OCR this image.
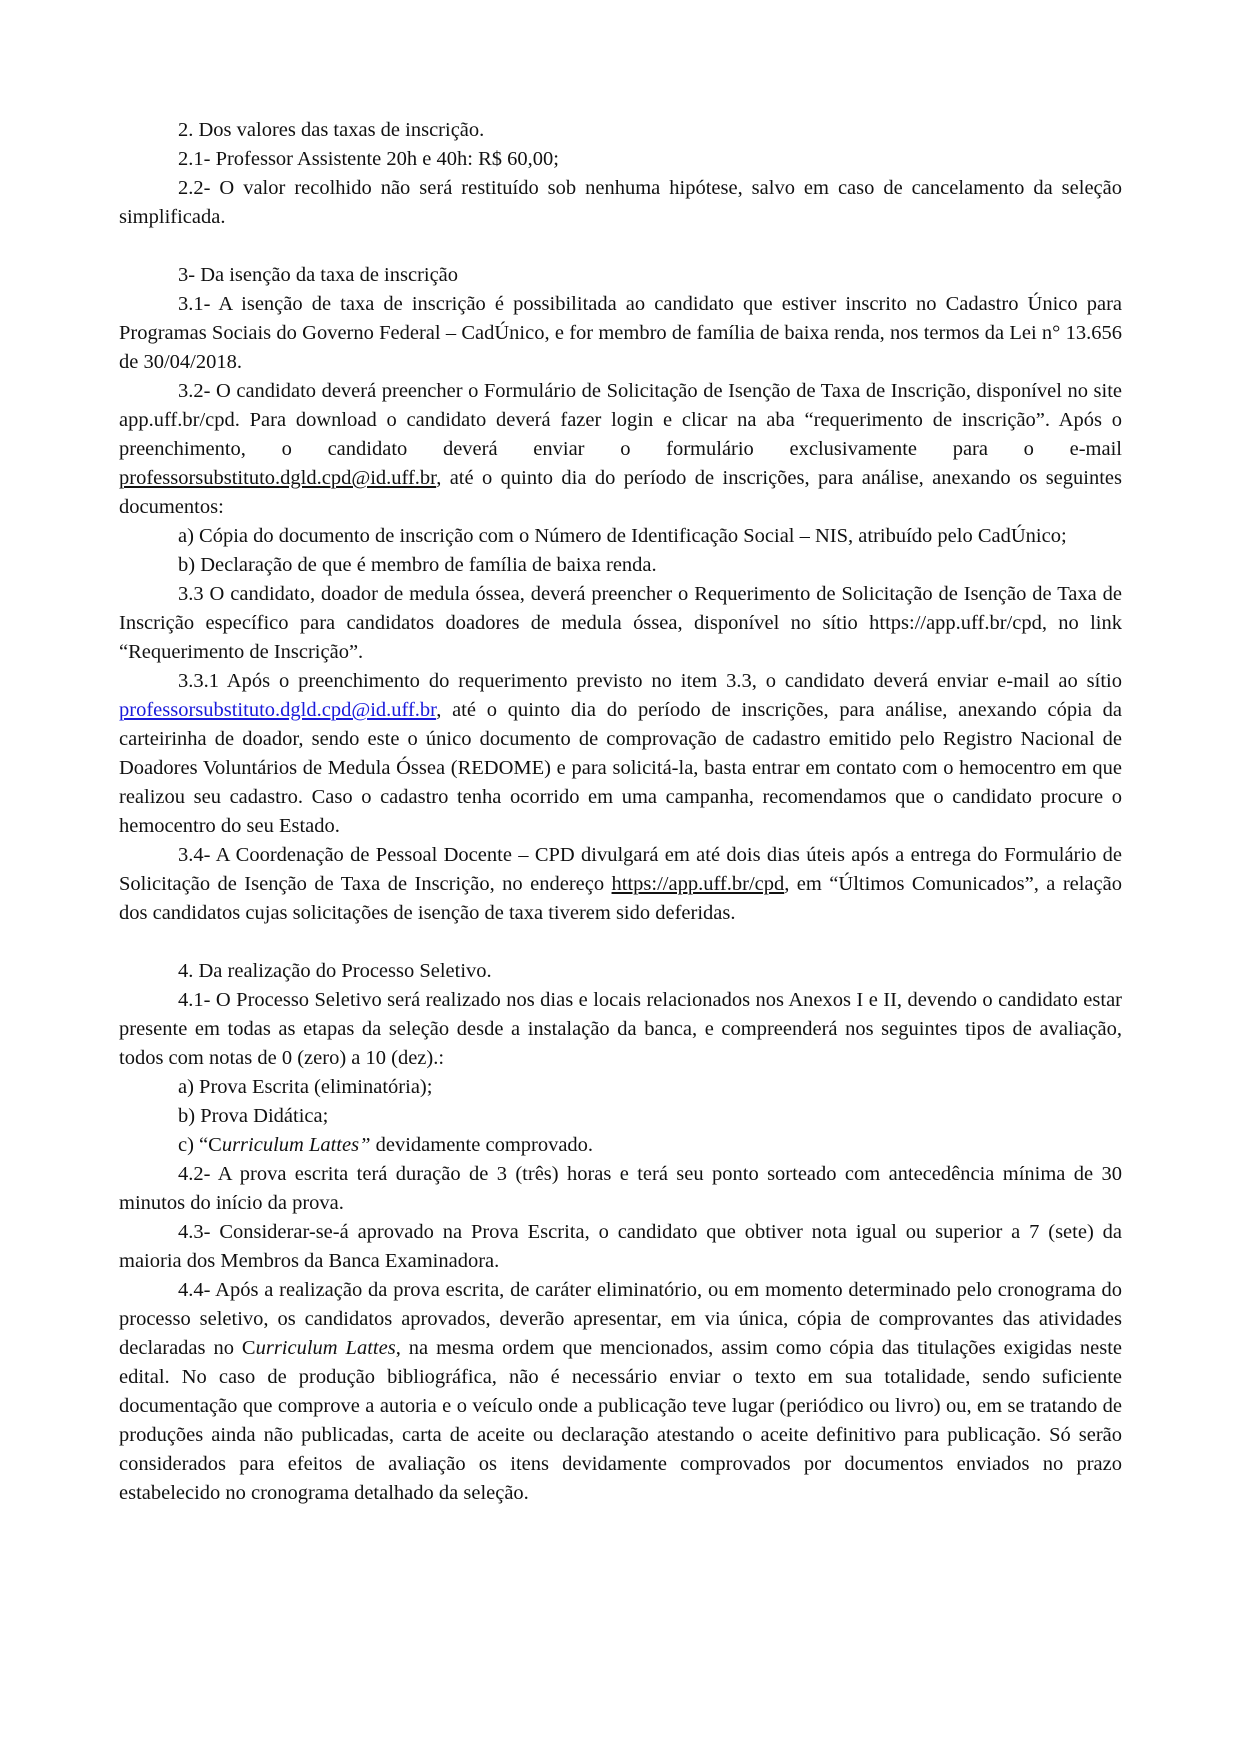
2. Dos valores das taxas de inscrição.

2.1- Professor Assistente 20h e 40h: R$ 60,00;

2.2- O valor recolhido não será restituído sob nenhuma hipótese, salvo em caso de cancelamento da seleção simplificada.

3- Da isenção da taxa de inscrição

3.1- A isenção de taxa de inscrição é possibilitada ao candidato que estiver inscrito no Cadastro Único para Programas Sociais do Governo Federal – CadÚnico, e for membro de família de baixa renda, nos termos da Lei n° 13.656 de 30/04/2018.

3.2- O candidato deverá preencher o Formulário de Solicitação de Isenção de Taxa de Inscrição, disponível no site app.uff.br/cpd. Para download o candidato deverá fazer login e clicar na aba “requerimento de inscrição”. Após o preenchimento, o candidato deverá enviar o formulário exclusivamente para o e-mail professorsubstituto.dgld.cpd@id.uff.br, até o quinto dia do período de inscrições, para análise, anexando os seguintes documentos:

a) Cópia do documento de inscrição com o Número de Identificação Social – NIS, atribuído pelo CadÚnico;

b) Declaração de que é membro de família de baixa renda.

3.3 O candidato, doador de medula óssea, deverá preencher o Requerimento de Solicitação de Isenção de Taxa de Inscrição específico para candidatos doadores de medula óssea, disponível no sítio https://app.uff.br/cpd, no link “Requerimento de Inscrição”.

3.3.1 Após o preenchimento do requerimento previsto no item 3.3, o candidato deverá enviar e-mail ao sítio professorsubstituto.dgld.cpd@id.uff.br, até o quinto dia do período de inscrições, para análise, anexando cópia da carteirinha de doador, sendo este o único documento de comprovação de cadastro emitido pelo Registro Nacional de Doadores Voluntários de Medula Óssea (REDOME) e para solicitá-la, basta entrar em contato com o hemocentro em que realizou seu cadastro. Caso o cadastro tenha ocorrido em uma campanha, recomendamos que o candidato procure o hemocentro do seu Estado.

3.4- A Coordenação de Pessoal Docente – CPD divulgará em até dois dias úteis após a entrega do Formulário de Solicitação de Isenção de Taxa de Inscrição, no endereço https://app.uff.br/cpd, em “Últimos Comunicados”, a relação dos candidatos cujas solicitações de isenção de taxa tiverem sido deferidas.

4. Da realização do Processo Seletivo.

4.1- O Processo Seletivo será realizado nos dias e locais relacionados nos Anexos I e II, devendo o candidato estar presente em todas as etapas da seleção desde a instalação da banca, e compreenderá nos seguintes tipos de avaliação, todos com notas de 0 (zero) a 10 (dez).:

a) Prova Escrita (eliminatória);

b) Prova Didática;

c) “Curriculum Lattes” devidamente comprovado.

4.2- A prova escrita terá duração de 3 (três) horas e terá seu ponto sorteado com antecedência mínima de 30 minutos do início da prova.

4.3- Considerar-se-á aprovado na Prova Escrita, o candidato que obtiver nota igual ou superior a 7 (sete) da maioria dos Membros da Banca Examinadora.

4.4- Após a realização da prova escrita, de caráter eliminatório, ou em momento determinado pelo cronograma do processo seletivo, os candidatos aprovados, deverão apresentar, em via única, cópia de comprovantes das atividades declaradas no Curriculum Lattes, na mesma ordem que mencionados, assim como cópia das titulações exigidas neste edital. No caso de produção bibliográfica, não é necessário enviar o texto em sua totalidade, sendo suficiente documentação que comprove a autoria e o veículo onde a publicação teve lugar (periódico ou livro) ou, em se tratando de produções ainda não publicadas, carta de aceite ou declaração atestando o aceite definitivo para publicação. Só serão considerados para efeitos de avaliação os itens devidamente comprovados por documentos enviados no prazo estabelecido no cronograma detalhado da seleção.
